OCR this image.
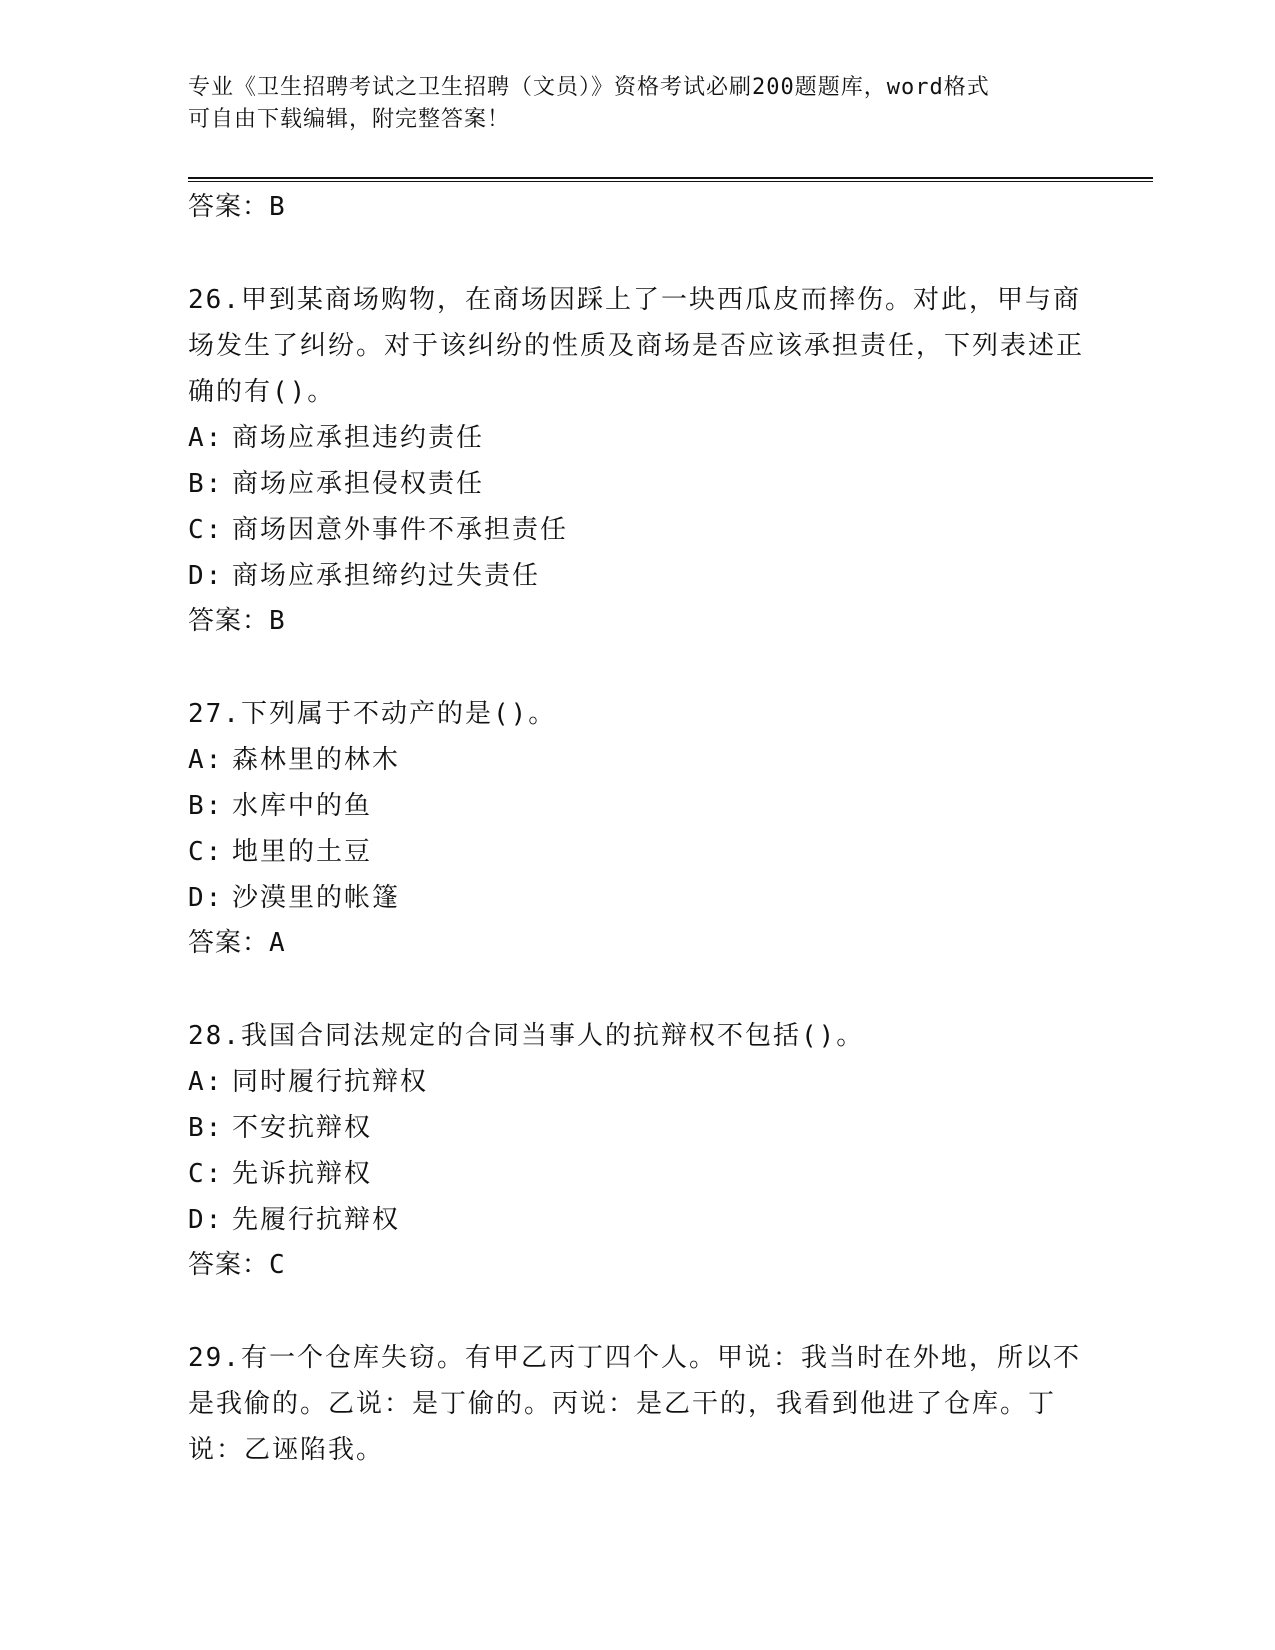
专业《卫生招聘考试之卫生招聘（文员）》资格考试必刷200题题库，word格式
可自由下载编辑，附完整答案！
答案：B
26.甲到某商场购物，在商场因踩上了一块西瓜皮而摔伤。对此，甲与商场发生了纠纷。对于该纠纷的性质及商场是否应该承担责任，下列表述正确的有()。
A: 商场应承担违约责任
B: 商场应承担侵权责任
C: 商场因意外事件不承担责任
D: 商场应承担缔约过失责任
答案：B
27.下列属于不动产的是()。
A: 森林里的林木
B: 水库中的鱼
C: 地里的土豆
D: 沙漠里的帐篷
答案：A
28.我国合同法规定的合同当事人的抗辩权不包括()。
A: 同时履行抗辩权
B: 不安抗辩权
C: 先诉抗辩权
D: 先履行抗辩权
答案：C
29.有一个仓库失窃。有甲乙丙丁四个人。甲说：我当时在外地，所以不是我偷的。乙说：是丁偷的。丙说：是乙干的，我看到他进了仓库。丁说：乙诬陷我。
